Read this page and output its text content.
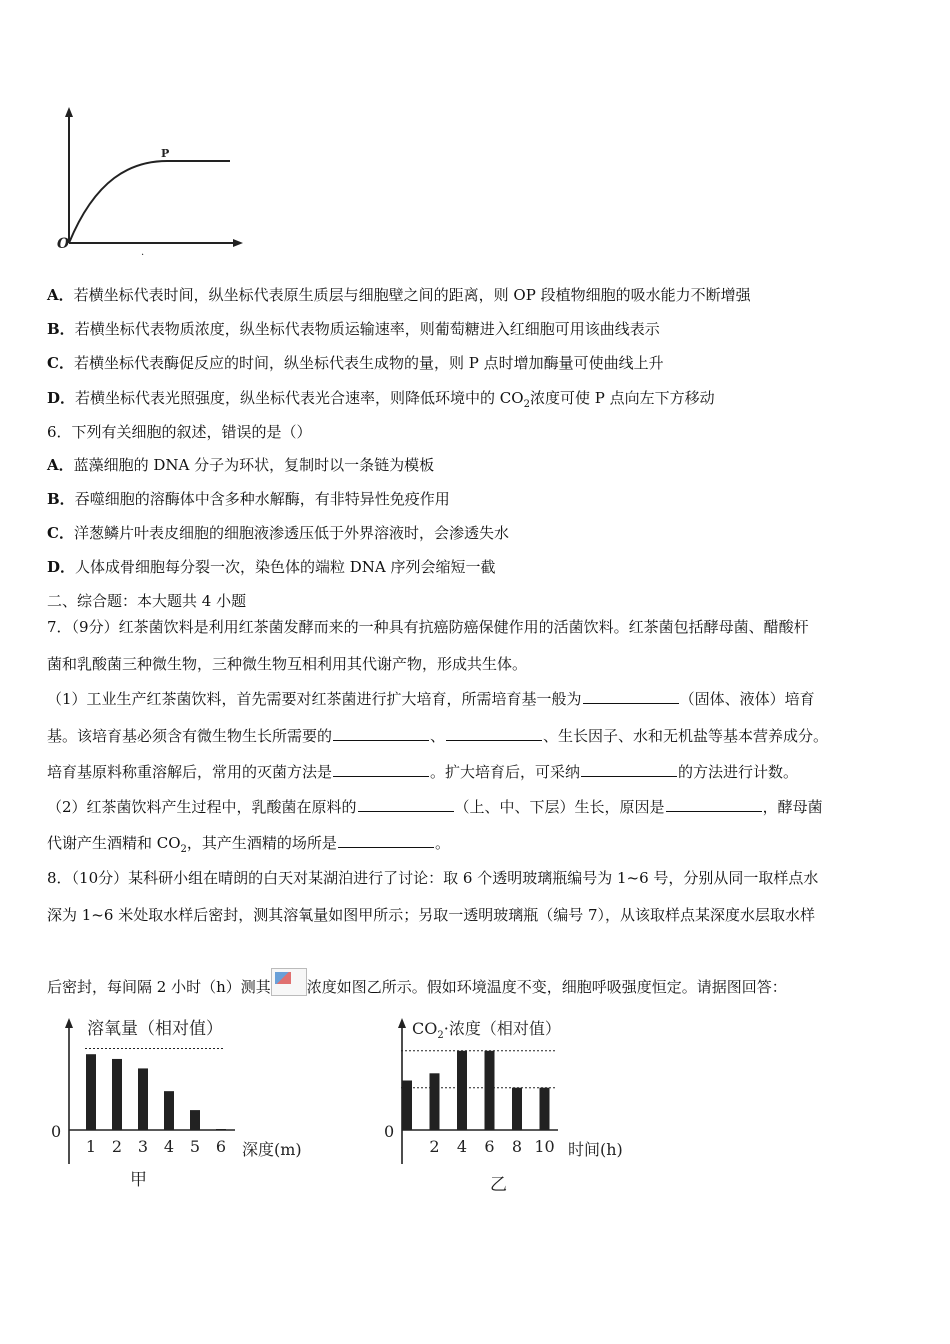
P
O
.
A．若横坐标代表时间，纵坐标代表原生质层与细胞壁之间的距离，则 OP 段植物细胞的吸水能力不断增强
B．若横坐标代表物质浓度，纵坐标代表物质运输速率，则葡萄糖进入红细胞可用该曲线表示
C．若横坐标代表酶促反应的时间，纵坐标代表生成物的量，则 P 点时增加酶量可使曲线上升
D．若横坐标代表光照强度，纵坐标代表光合速率，则降低环境中的 $CO_2$浓度可使 P 点向左下方移动
6．下列有关细胞的叙述，错误的是（）
A．蓝藻细胞的 DNA 分子为环状，复制时以一条链为模板
B．吞噬细胞的溶酶体中含多种水解酶，有非特异性免疫作用
C．洋葱鳞片叶表皮细胞的细胞液渗透压低于外界溶液时，会渗透失水
D．人体成骨细胞每分裂一次，染色体的端粒 DNA 序列会缩短一截
二、综合题：本大题共 4 小题
7．（9分）红茶菌饮料是利用红茶菌发酵而来的一种具有抗癌防癌保健作用的活菌饮料。红茶菌包括酵母菌、醋酸杆
菌和乳酸菌三种微生物，三种微生物互相利用其代谢产物，形成共生体。
（1）工业生产红茶菌饮料，首先需要对红茶菌进行扩大培育，所需培育基一般为	（固体、液体）培育
基。该培育基必须含有微生物生长所需要的	、	、生长因子、水和无机盐等基本营养成分。
培育基原料称重溶解后，常用的灭菌方法是	。扩大培育后，可采纳	的方法进行计数。
（2）红茶菌饮料产生过程中，乳酸菌在原料的	（上、中、下层）生长，原因是	，酵母菌
代谢产生酒精和 $CO_2$，其产生酒精的场所是	。
8．（10分）某科研小组在晴朗的白天对某湖泊进行了讨论：取 6 个透明玻璃瓶编号为 1~6 号，分别从同一取样点水
深为 1~6 米处取水样后密封，测其溶氧量如图甲所示；另取一透明玻璃瓶（编号 7），从该取样点某深度水层取水样
后密封，每间隔 2 小时（h）测其 浓度如图乙所示。假如环境温度不变，细胞呼吸强度恒定。请据图回答：
溶氧量（相对值）
0
深度(m)
甲
1 2 3 4 5 6
$CO_2\cdot$浓度（相对值）
0
时间(h)
乙
2 4 6 8 10
